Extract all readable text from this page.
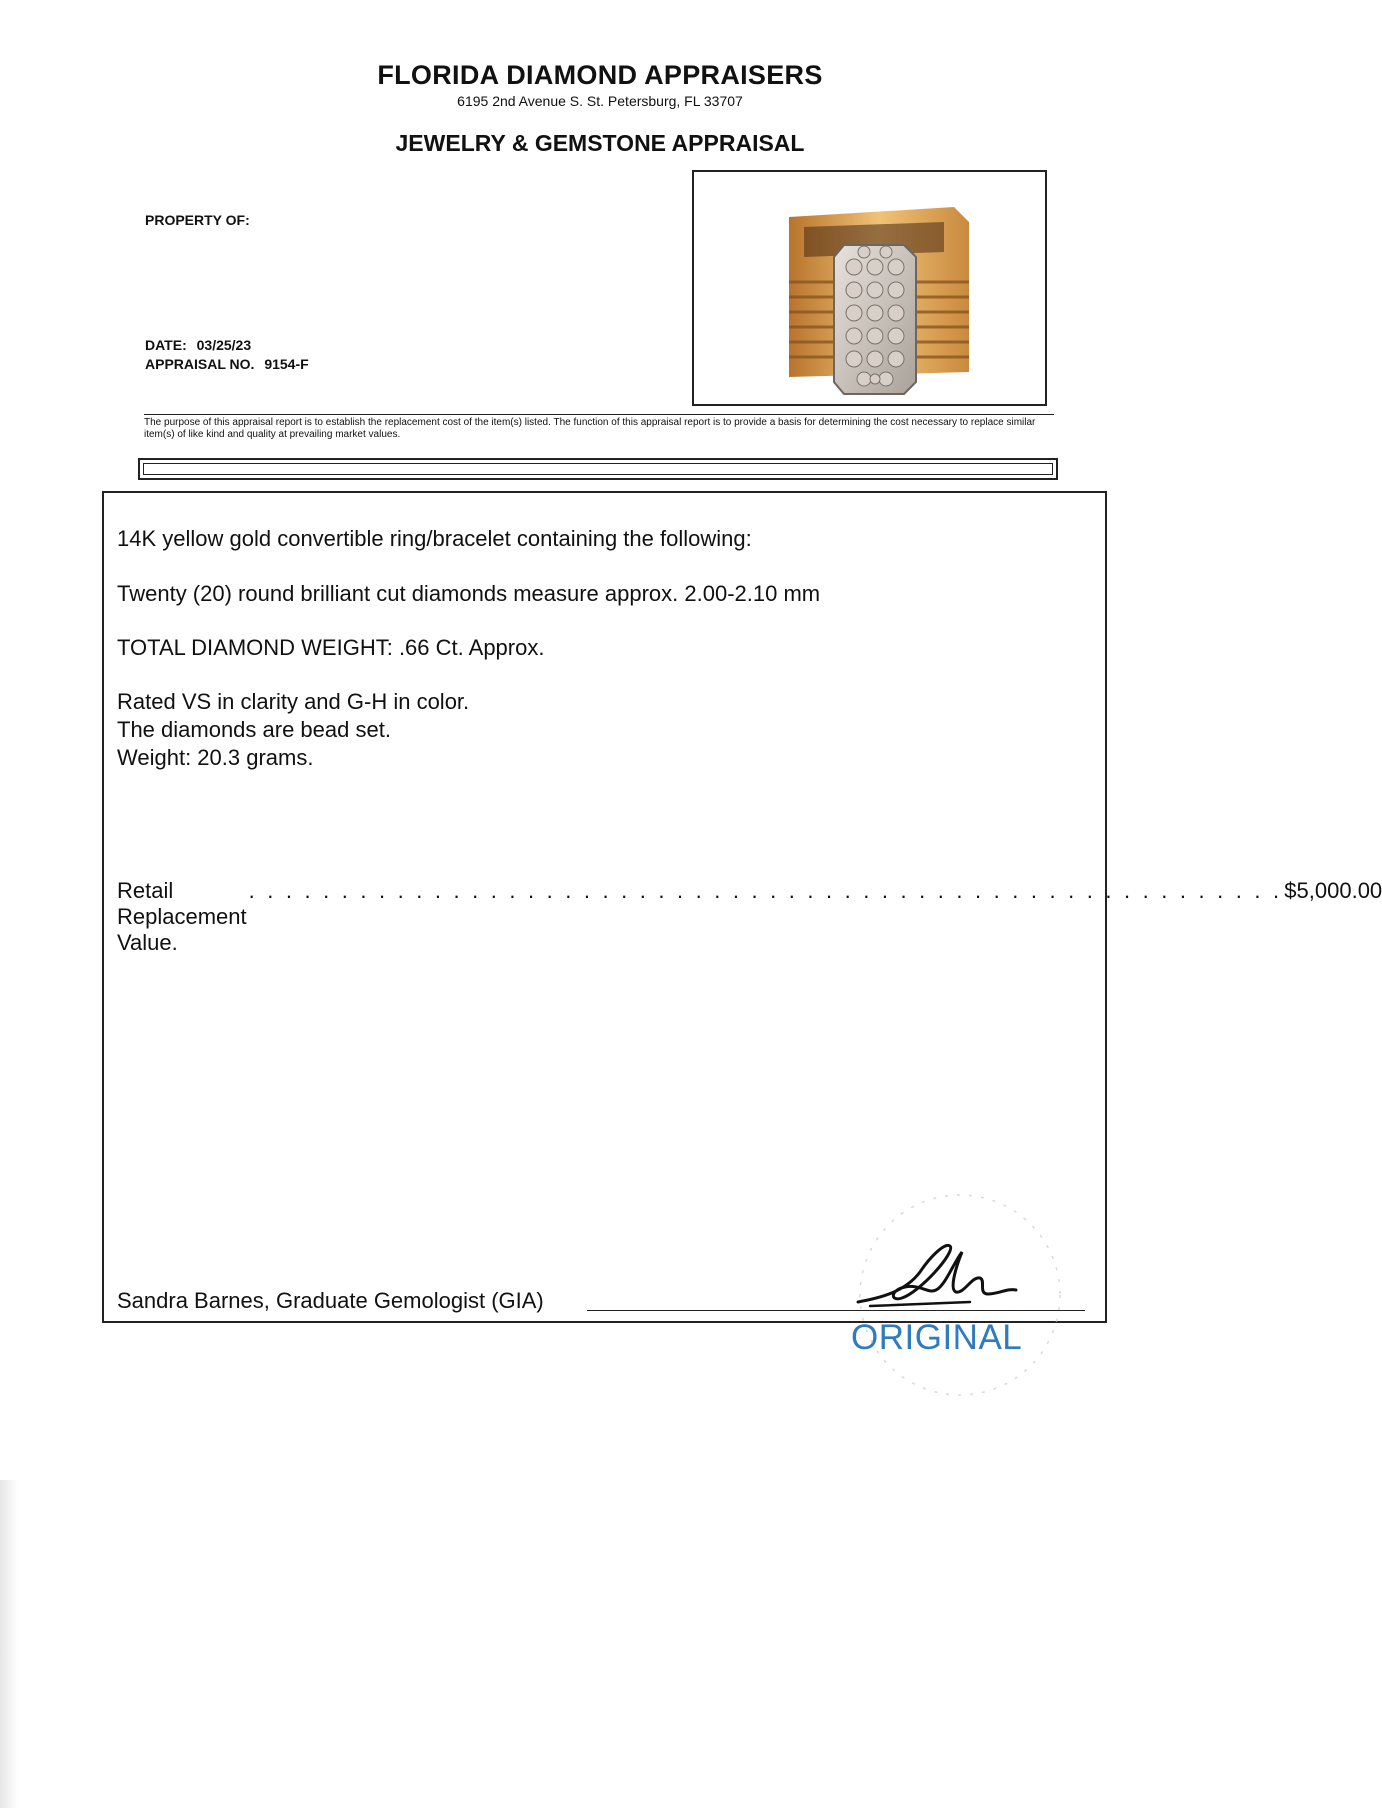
FLORIDA DIAMOND APPRAISERS
6195 2nd Avenue S. St. Petersburg, FL 33707
JEWELRY & GEMSTONE APPRAISAL
PROPERTY OF:
DATE: 03/25/23
APPRAISAL NO. 9154-F
The purpose of this appraisal report is to establish the replacement cost of the item(s) listed. The function of this appraisal report is to provide a basis for determining the cost necessary to replace similar item(s) of like kind and quality at prevailing market values.
14K yellow gold convertible ring/bracelet containing the following:
Twenty (20) round brilliant cut diamonds measure approx. 2.00-2.10 mm
TOTAL DIAMOND WEIGHT: .66 Ct. Approx.
Rated VS in clarity and G-H in color.
The diamonds are bead set.
Weight: 20.3 grams.
Retail Replacement Value.
. . . . . . . . . . . . . . . . . . . . . . . . . . . . . . . . . . . . . . . . . . . . . . . . . . . . . . . . $5,000.00
Sandra Barnes, Graduate Gemologist (GIA)
ORIGINAL
